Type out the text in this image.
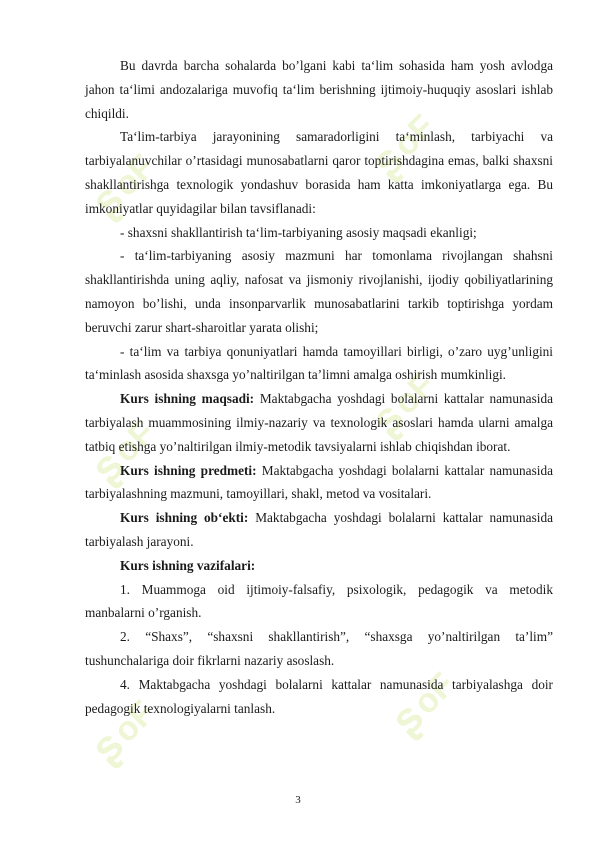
ʂ
oF	ʂ
oF
ʂ
oF	ʂ
oF
ʂ
oF	ʂ
oF

Bu davrda barcha sohalarda bo’lgani kabi ta‘lim sohasida ham yosh avlodga jahon ta‘limi andozalariga muvofiq ta‘lim berishning ijtimoiy-huquqiy asoslari ishlab chiqildi.

Ta‘lim-tarbiya jarayonining samaradorligini ta‘minlash, tarbiyachi va tarbiyalanuvchilar o’rtasidagi munosabatlarni qaror toptirishdagina emas, balki shaxsni shakllantirishga texnologik yondashuv borasida ham katta imkoniyatlarga ega. Bu imkoniyatlar quyidagilar bilan tavsiflanadi:

- shaxsni shakllantirish ta‘lim-tarbiyaning asosiy maqsadi ekanligi;

- ta‘lim-tarbiyaning asosiy mazmuni har tomonlama rivojlangan shahsni shakllantirishda uning aqliy, nafosat va jismoniy rivojlanishi, ijodiy qobiliyatlarining namoyon bo’lishi, unda insonparvarlik munosabatlarini tarkib toptirishga yordam beruvchi zarur shart-sharoitlar yarata olishi;

- ta‘lim va tarbiya qonuniyatlari hamda tamoyillari birligi, o’zaro uyg’unligini ta‘minlash asosida shaxsga yo’naltirilgan ta’limni amalga oshirish mumkinligi.

Kurs ishning maqsadi: Maktabgacha yoshdagi bolalarni kattalar namunasida tarbiyalash muammosining ilmiy-nazariy va texnologik asoslari hamda ularni amalga tatbiq etishga yo’naltirilgan ilmiy-metodik tavsiyalarni ishlab chiqishdan iborat.

Kurs ishning predmeti: Maktabgacha yoshdagi bolalarni kattalar namunasida tarbiyalashning mazmuni, tamoyillari, shakl, metod va vositalari.

Kurs ishning ob‘ekti: Maktabgacha yoshdagi bolalarni kattalar namunasida tarbiyalash jarayoni.

Kurs ishning vazifalari:

1. Muammoga oid ijtimoiy-falsafiy, psixologik, pedagogik va metodik manbalarni o’rganish.

2. “Shaxs”, “shaxsni shakllantirish”, “shaxsga yo’naltirilgan ta’lim” tushunchalariga doir fikrlarni nazariy asoslash.

4. Maktabgacha yoshdagi bolalarni kattalar namunasida tarbiyalashga doir pedagogik texnologiyalarni tanlash.

3
